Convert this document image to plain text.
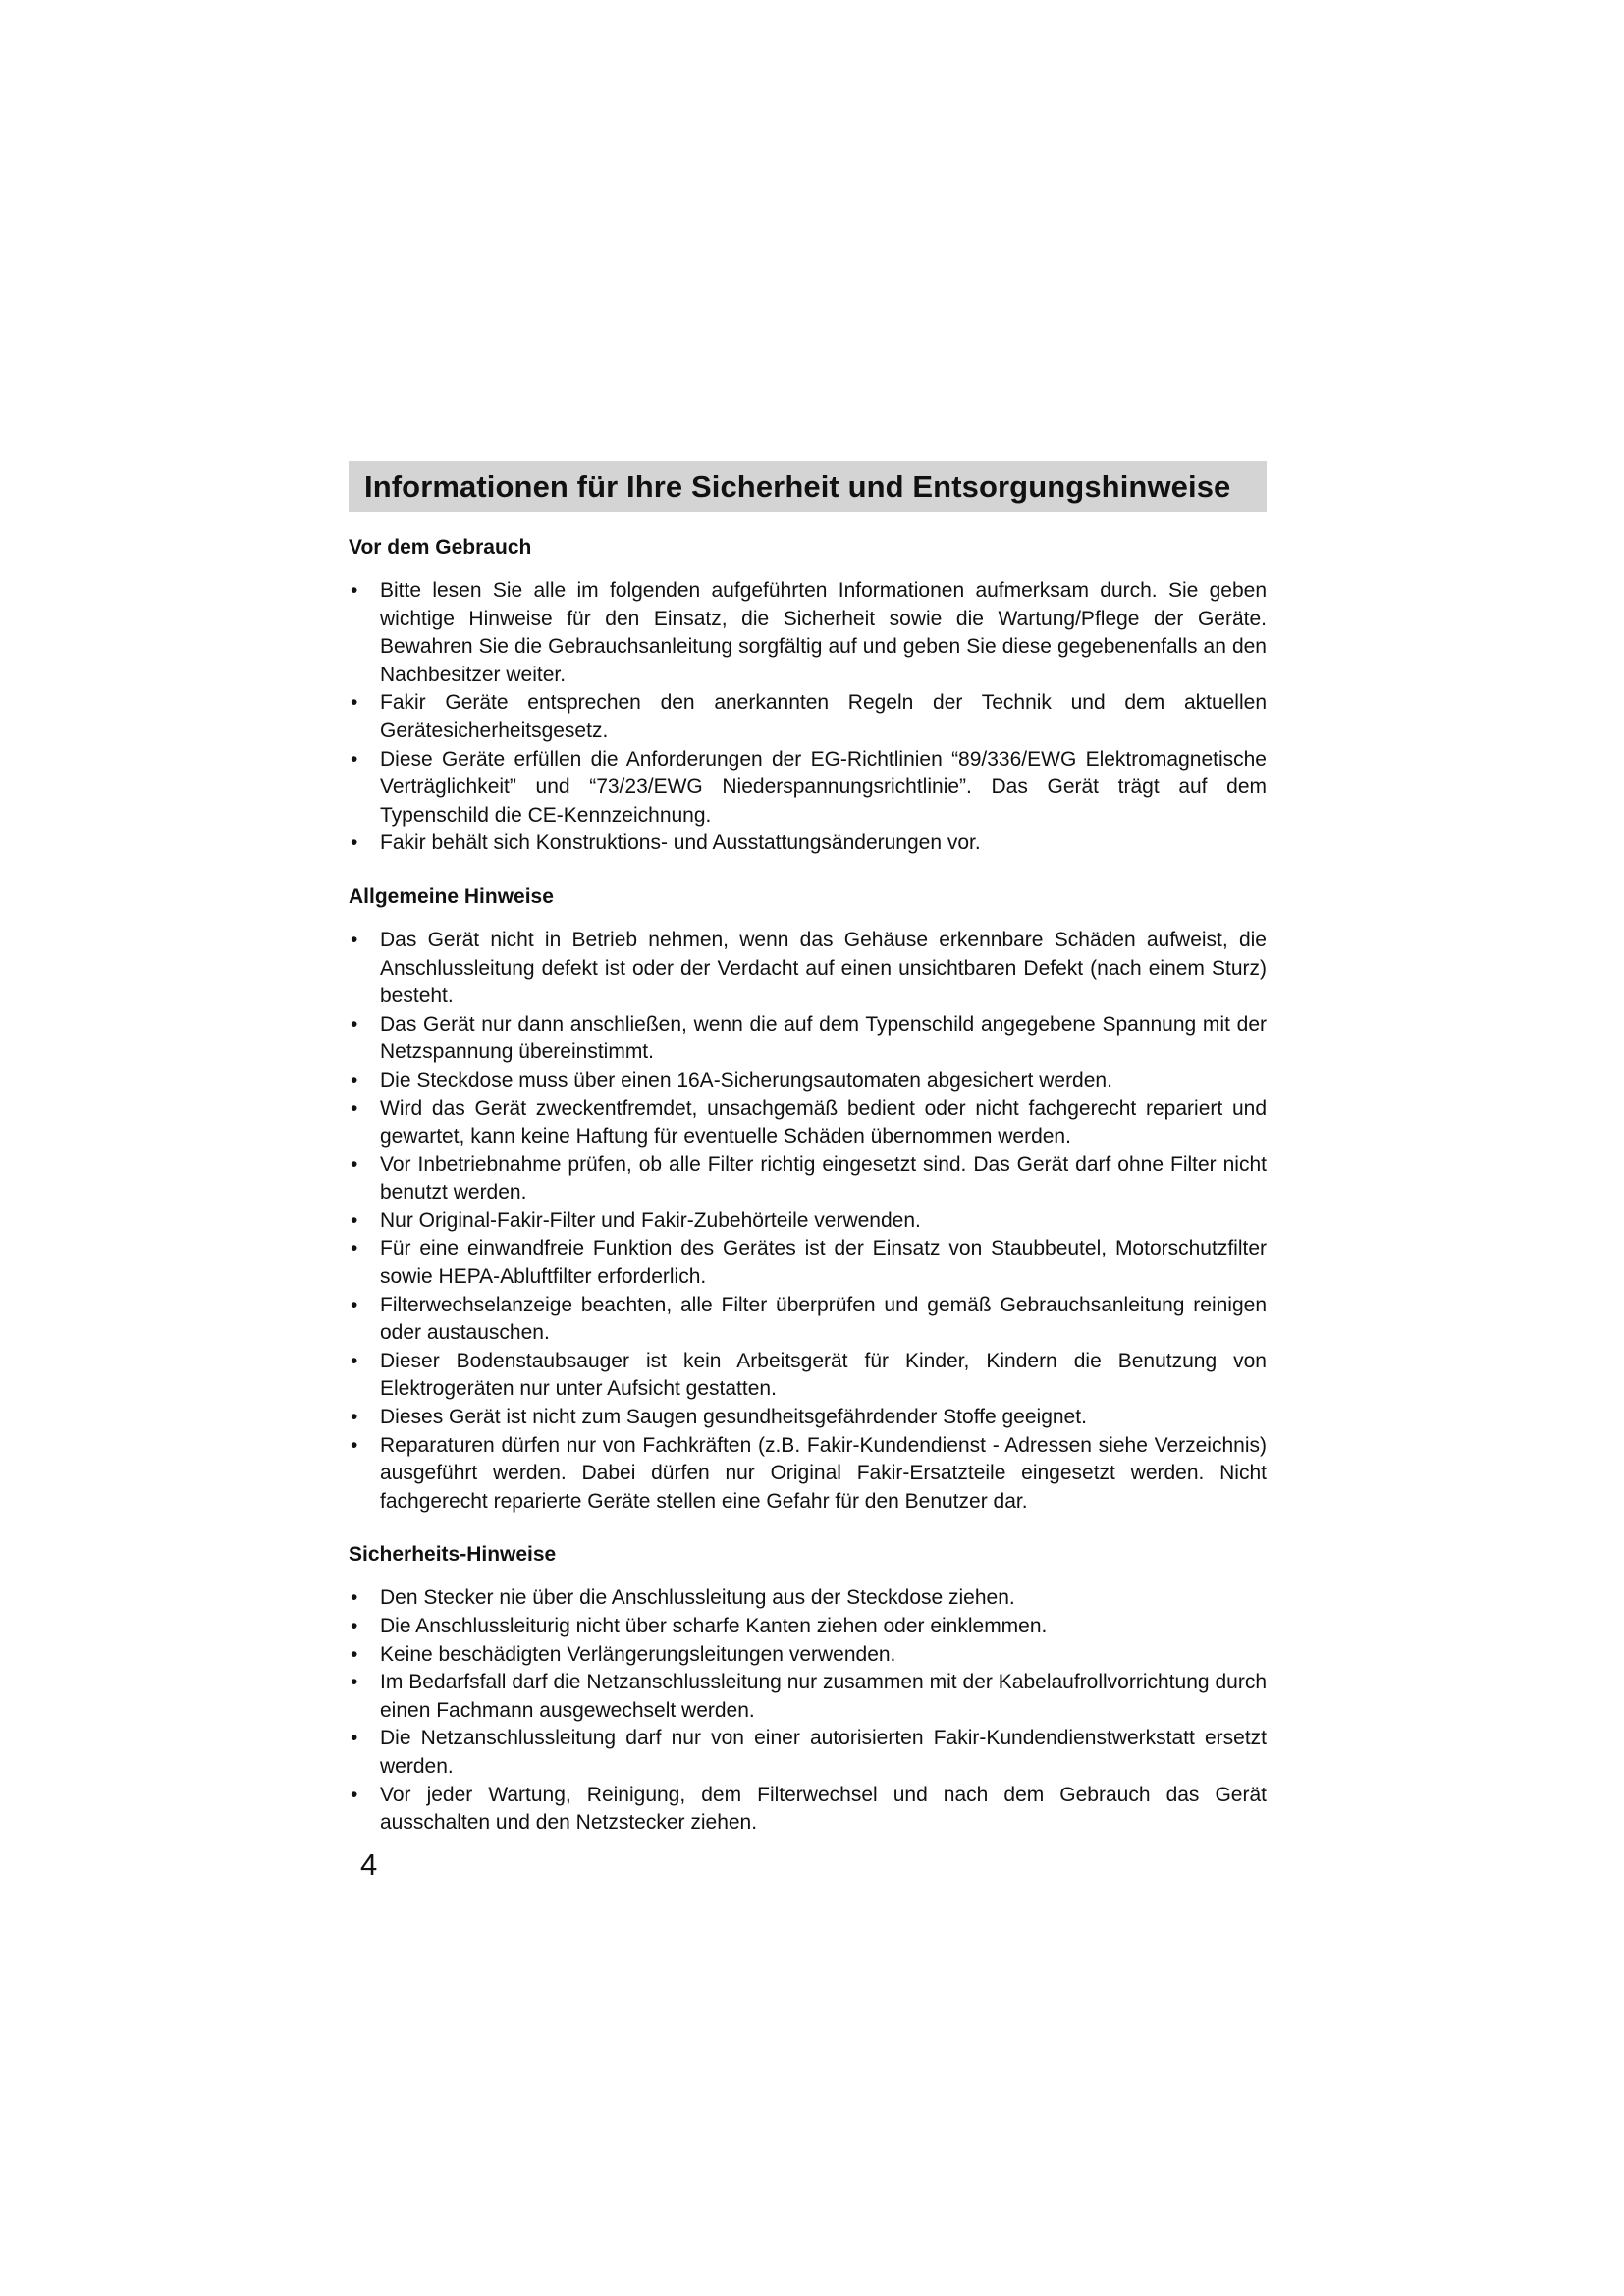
Informationen für Ihre Sicherheit und Entsorgungshinweise
Vor dem Gebrauch
• Bitte lesen Sie alle im folgenden aufgeführten Informationen aufmerksam durch. Sie geben wichtige Hinweise für den Einsatz, die Sicherheit sowie die Wartung/Pflege der Geräte. Bewahren Sie die Gebrauchsanleitung sorgfältig auf und geben Sie diese gegebenenfalls an den Nachbesitzer weiter.
• Fakir Geräte entsprechen den anerkannten Regeln der Technik und dem aktuellen Gerätesicherheitsgesetz.
• Diese Geräte erfüllen die Anforderungen der EG-Richtlinien “89/336/EWG Elektromagnetische Verträglichkeit” und “73/23/EWG Niederspannungsrichtlinie”. Das Gerät trägt auf dem Typenschild die CE-Kennzeichnung.
• Fakir behält sich Konstruktions- und Ausstattungsänderungen vor.
Allgemeine Hinweise
• Das Gerät nicht in Betrieb nehmen, wenn das Gehäuse erkennbare Schäden aufweist, die Anschlussleitung defekt ist oder der Verdacht auf einen unsichtbaren Defekt (nach einem Sturz) besteht.
• Das Gerät nur dann anschließen, wenn die auf dem Typenschild angegebene Spannung mit der Netzspannung übereinstimmt.
• Die Steckdose muss über einen 16A-Sicherungsautomaten abgesichert werden.
• Wird das Gerät zweckentfremdet, unsachgemäß bedient oder nicht fachgerecht repariert und gewartet, kann keine Haftung für eventuelle Schäden übernommen werden.
• Vor Inbetriebnahme prüfen, ob alle Filter richtig eingesetzt sind. Das Gerät darf ohne Filter nicht benutzt werden.
• Nur Original-Fakir-Filter und Fakir-Zubehörteile verwenden.
• Für eine einwandfreie Funktion des Gerätes ist der Einsatz von Staubbeutel, Motorschutzfilter sowie HEPA-Abluftfilter erforderlich.
• Filterwechselanzeige beachten, alle Filter überprüfen und gemäß Gebrauchsanleitung reinigen oder austauschen.
• Dieser Bodenstaubsauger ist kein Arbeitsgerät für Kinder, Kindern die Benutzung von Elektrogeräten nur unter Aufsicht gestatten.
• Dieses Gerät ist nicht zum Saugen gesundheitsgefährdender Stoffe geeignet.
• Reparaturen dürfen nur von Fachkräften (z.B. Fakir-Kundendienst - Adressen siehe Verzeichnis) ausgeführt werden. Dabei dürfen nur Original Fakir-Ersatzteile eingesetzt werden. Nicht fachgerecht reparierte Geräte stellen eine Gefahr für den Benutzer dar.
Sicherheits-Hinweise
• Den Stecker nie über die Anschlussleitung aus der Steckdose ziehen.
• Die Anschlussleiturig nicht über scharfe Kanten ziehen oder einklemmen.
• Keine beschädigten Verlängerungsleitungen verwenden.
• Im Bedarfsfall darf die Netzanschlussleitung nur zusammen mit der Kabelaufrollvorrichtung durch einen Fachmann ausgewechselt werden.
• Die Netzanschlussleitung darf nur von einer autorisierten Fakir-Kundendienstwerkstatt ersetzt werden.
• Vor jeder Wartung, Reinigung, dem Filterwechsel und nach dem Gebrauch das Gerät ausschalten und den Netzstecker ziehen.
4
